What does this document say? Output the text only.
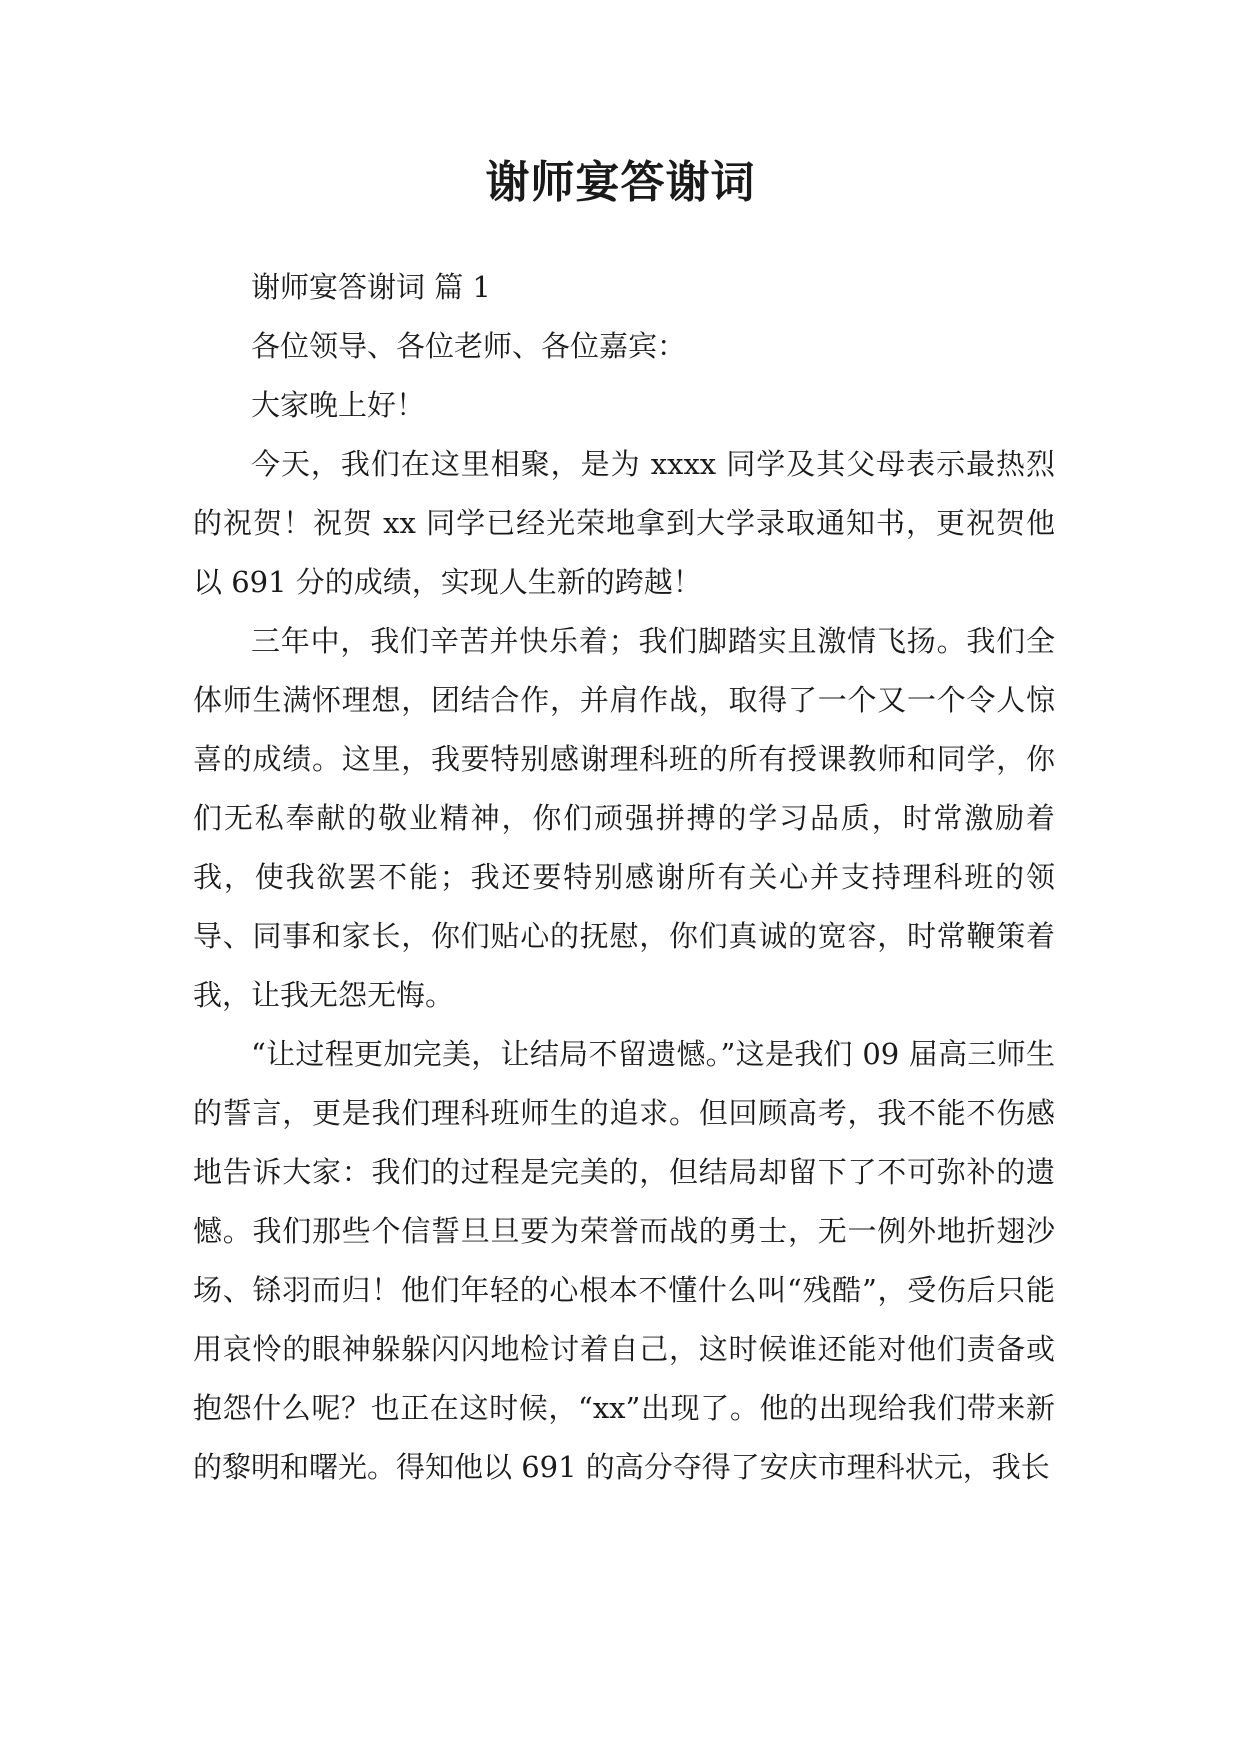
谢师宴答谢词

谢师宴答谢词 篇 1

各位领导、各位老师、各位嘉宾：

大家晚上好！

今天，我们在这里相聚，是为 xxxx 同学及其父母表示最热烈的祝贺！祝贺 xx 同学已经光荣地拿到大学录取通知书，更祝贺他以 691 分的成绩，实现人生新的跨越！

三年中，我们辛苦并快乐着；我们脚踏实且激情飞扬。我们全体师生满怀理想，团结合作，并肩作战，取得了一个又一个令人惊喜的成绩。这里，我要特别感谢理科班的所有授课教师和同学，你们无私奉献的敬业精神，你们顽强拼搏的学习品质，时常激励着我，使我欲罢不能；我还要特别感谢所有关心并支持理科班的领导、同事和家长，你们贴心的抚慰，你们真诚的宽容，时常鞭策着我，让我无怨无悔。

“让过程更加完美，让结局不留遗憾。”这是我们 09 届高三师生的誓言，更是我们理科班师生的追求。但回顾高考，我不能不伤感地告诉大家：我们的过程是完美的，但结局却留下了不可弥补的遗憾。我们那些个信誓旦旦要为荣誉而战的勇士，无一例外地折翅沙场、铩羽而归！他们年轻的心根本不懂什么叫“残酷”，受伤后只能用哀怜的眼神躲躲闪闪地检讨着自己，这时候谁还能对他们责备或抱怨什么呢？也正在这时候，“xx”出现了。他的出现给我们带来新的黎明和曙光。得知他以 691 的高分夺得了安庆市理科状元，我长
